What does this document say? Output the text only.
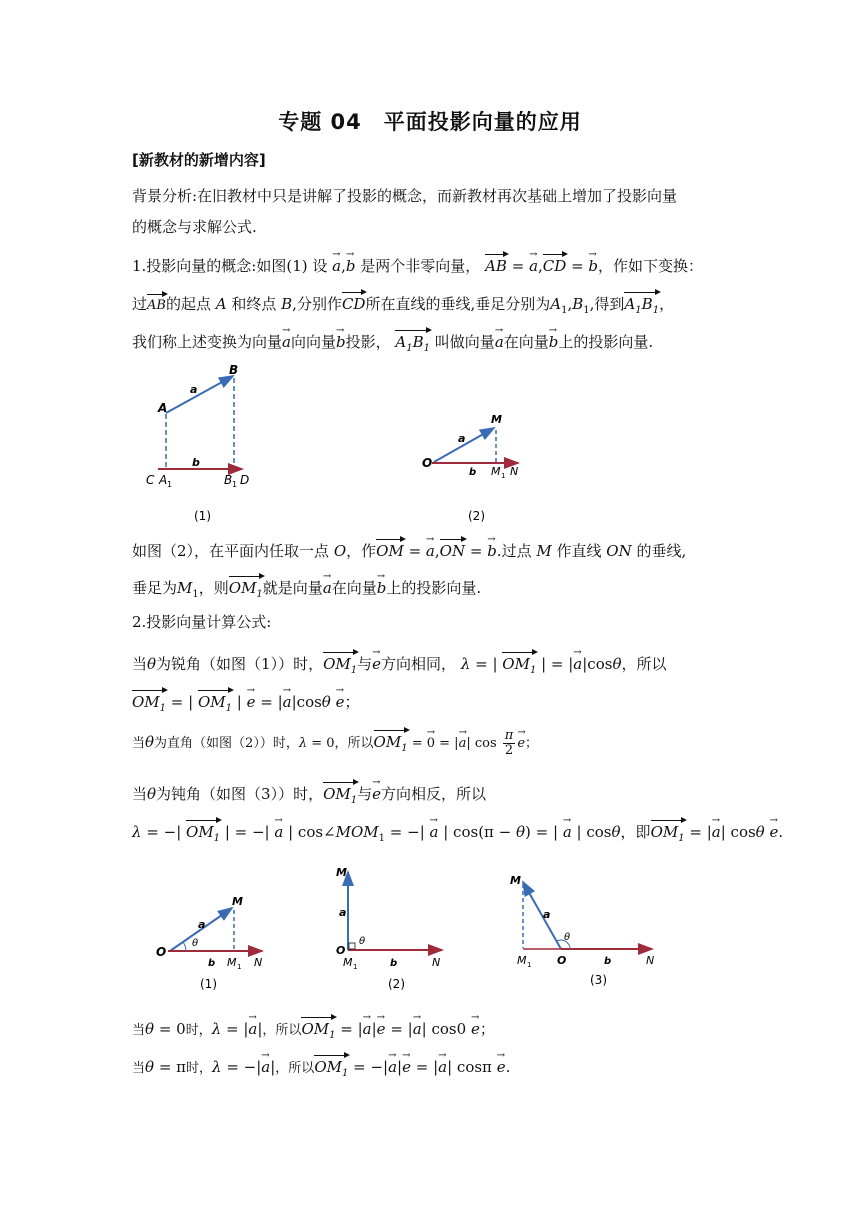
专题 04　平面投影向量的应用
[新教材的新增内容]
背景分析:在旧教材中只是讲解了投影的概念，而新教材再次基础上增加了投影向量
的概念与求解公式.
1.投影向量的概念:如图(1) 设 a →,b → 是两个非零向量， AB = a →,CD = b →，作如下变换：
过AB的起点 A 和终点 B,分别作CD所在直线的垂线,垂足分别为$A_1,B_1$,得到$A_1B_1$，
我们称上述变换为向量a →向向量b →投影， $A_1B_1$ 叫做向量a →在向量b →上的投影向量.
A
B
a
b
C A 1	B 1 D
(1)
O
M
a
b M 1 N
(2)
如图（2），在平面内任取一点 O，作OM = a →,ON = b →.过点 M 作直线 ON 的垂线,
垂足为$M_1$，则$OM_1$就是向量a →在向量b →上的投影向量.
2.投影向量计算公式:
当θ为锐角（如图（1））时，$OM_1$与e →方向相同， λ = | $OM_1$ | = |a →|cosθ，所以
$OM_1$ = | $OM_1$ | e → = |a →|cosθ e →；
当θ为直角（如图（2））时，λ = 0，所以$OM_1 = 0$ → = |a →| $\cos \frac{\pi}{2}$ e →；
当θ为钝角（如图（3））时，$OM_1$与e →方向相反，所以
λ = −| $OM_1$ | = −| a → | $\cos\angle MOM_1$ = −| a → | cos(π − θ) = | a → | cosθ，即$OM_1 = |a$ →| cosθ e →.
O
M
a
θ
b M 1 N
(1)
M
a
O
θ
M 1	b	N
(2)
M
a
θ
M 1 O	b	N
(3)
当θ = 0时，λ = |a →|，所以$OM_1 = |a \to|e$ → = |a →| cos0 e →；
当θ = π时，λ = −|a →|，所以$OM_1 = -|a \to|e$ → = |a →| cosπ e →.
